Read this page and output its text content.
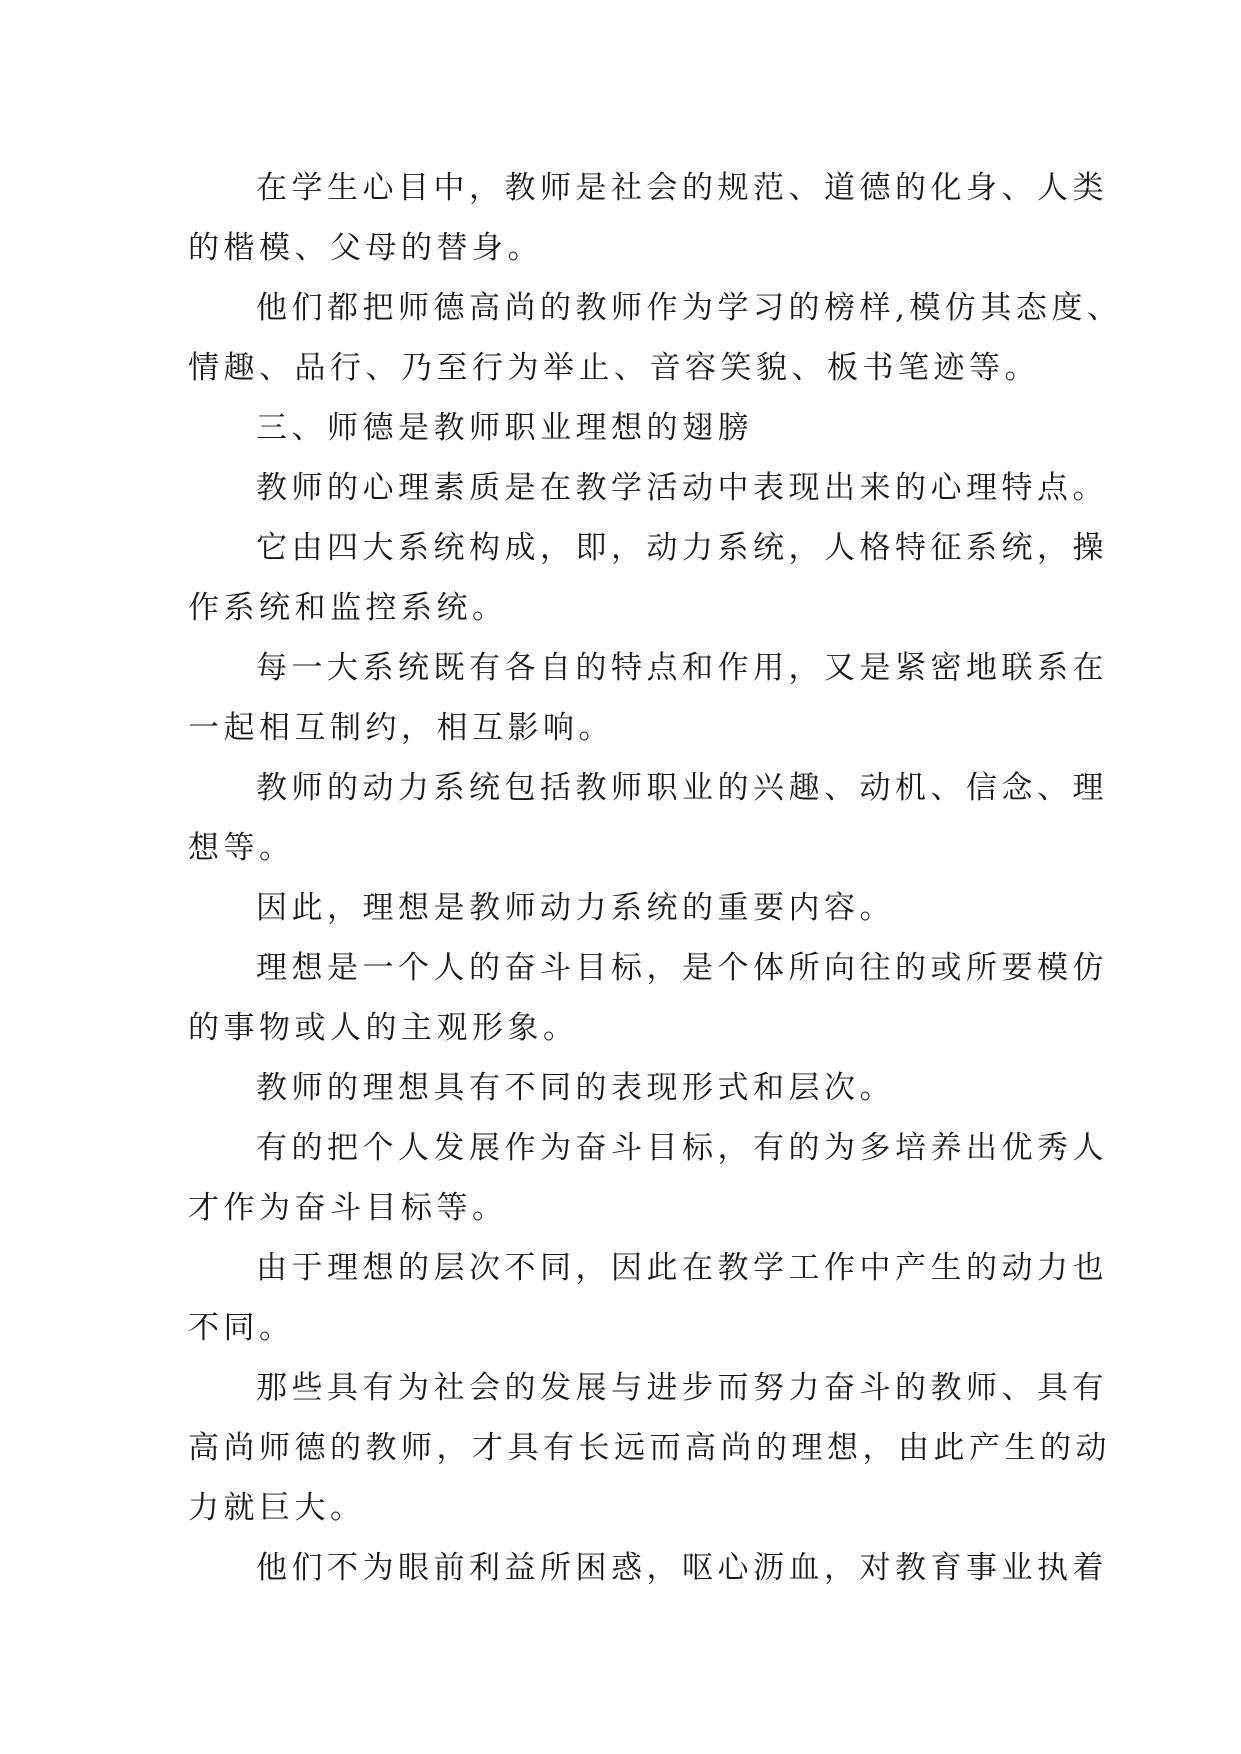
在学生心目中，教师是社会的规范、道德的化身、人类
的楷模、父母的替身。
他们都把师德高尚的教师作为学习的榜样,模仿其态度、
情趣、品行、乃至行为举止、音容笑貌、板书笔迹等。
三、师德是教师职业理想的翅膀
教师的心理素质是在教学活动中表现出来的心理特点。
它由四大系统构成，即，动力系统，人格特征系统，操
作系统和监控系统。
每一大系统既有各自的特点和作用，又是紧密地联系在
一起相互制约，相互影响。
教师的动力系统包括教师职业的兴趣、动机、信念、理
想等。
因此，理想是教师动力系统的重要内容。
理想是一个人的奋斗目标，是个体所向往的或所要模仿
的事物或人的主观形象。
教师的理想具有不同的表现形式和层次。
有的把个人发展作为奋斗目标，有的为多培养出优秀人
才作为奋斗目标等。
由于理想的层次不同，因此在教学工作中产生的动力也
不同。
那些具有为社会的发展与进步而努力奋斗的教师、具有
高尚师德的教师，才具有长远而高尚的理想，由此产生的动
力就巨大。
他们不为眼前利益所困惑，呕心沥血，对教育事业执着
